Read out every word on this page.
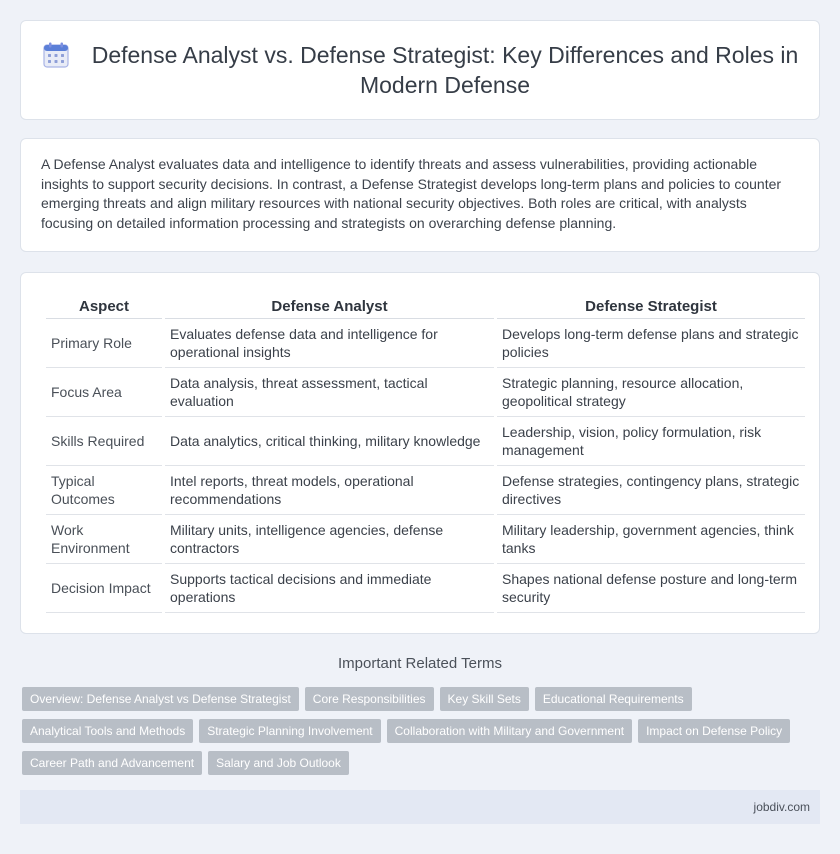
Defense Analyst vs. Defense Strategist: Key Differences and Roles in Modern Defense

A Defense Analyst evaluates data and intelligence to identify threats and assess vulnerabilities, providing actionable insights to support security decisions. In contrast, a Defense Strategist develops long-term plans and policies to counter emerging threats and align military resources with national security objectives. Both roles are critical, with analysts focusing on detailed information processing and strategists on overarching defense planning.

Aspect	Defense Analyst	Defense Strategist
Primary Role	Evaluates defense data and intelligence for operational insights	Develops long-term defense plans and strategic policies
Focus Area	Data analysis, threat assessment, tactical evaluation	Strategic planning, resource allocation, geopolitical strategy
Skills Required	Data analytics, critical thinking, military knowledge	Leadership, vision, policy formulation, risk management
Typical Outcomes	Intel reports, threat models, operational recommendations	Defense strategies, contingency plans, strategic directives
Work Environment	Military units, intelligence agencies, defense contractors	Military leadership, government agencies, think tanks
Decision Impact	Supports tactical decisions and immediate operations	Shapes national defense posture and long-term security
Important Related Terms
Overview: Defense Analyst vs Defense Strategist	Core Responsibilities	Key Skill Sets	Educational Requirements
Analytical Tools and Methods	Strategic Planning Involvement	Collaboration with Military and Government	Impact on Defense Policy
Career Path and Advancement	Salary and Job Outlook
jobdiv.com
